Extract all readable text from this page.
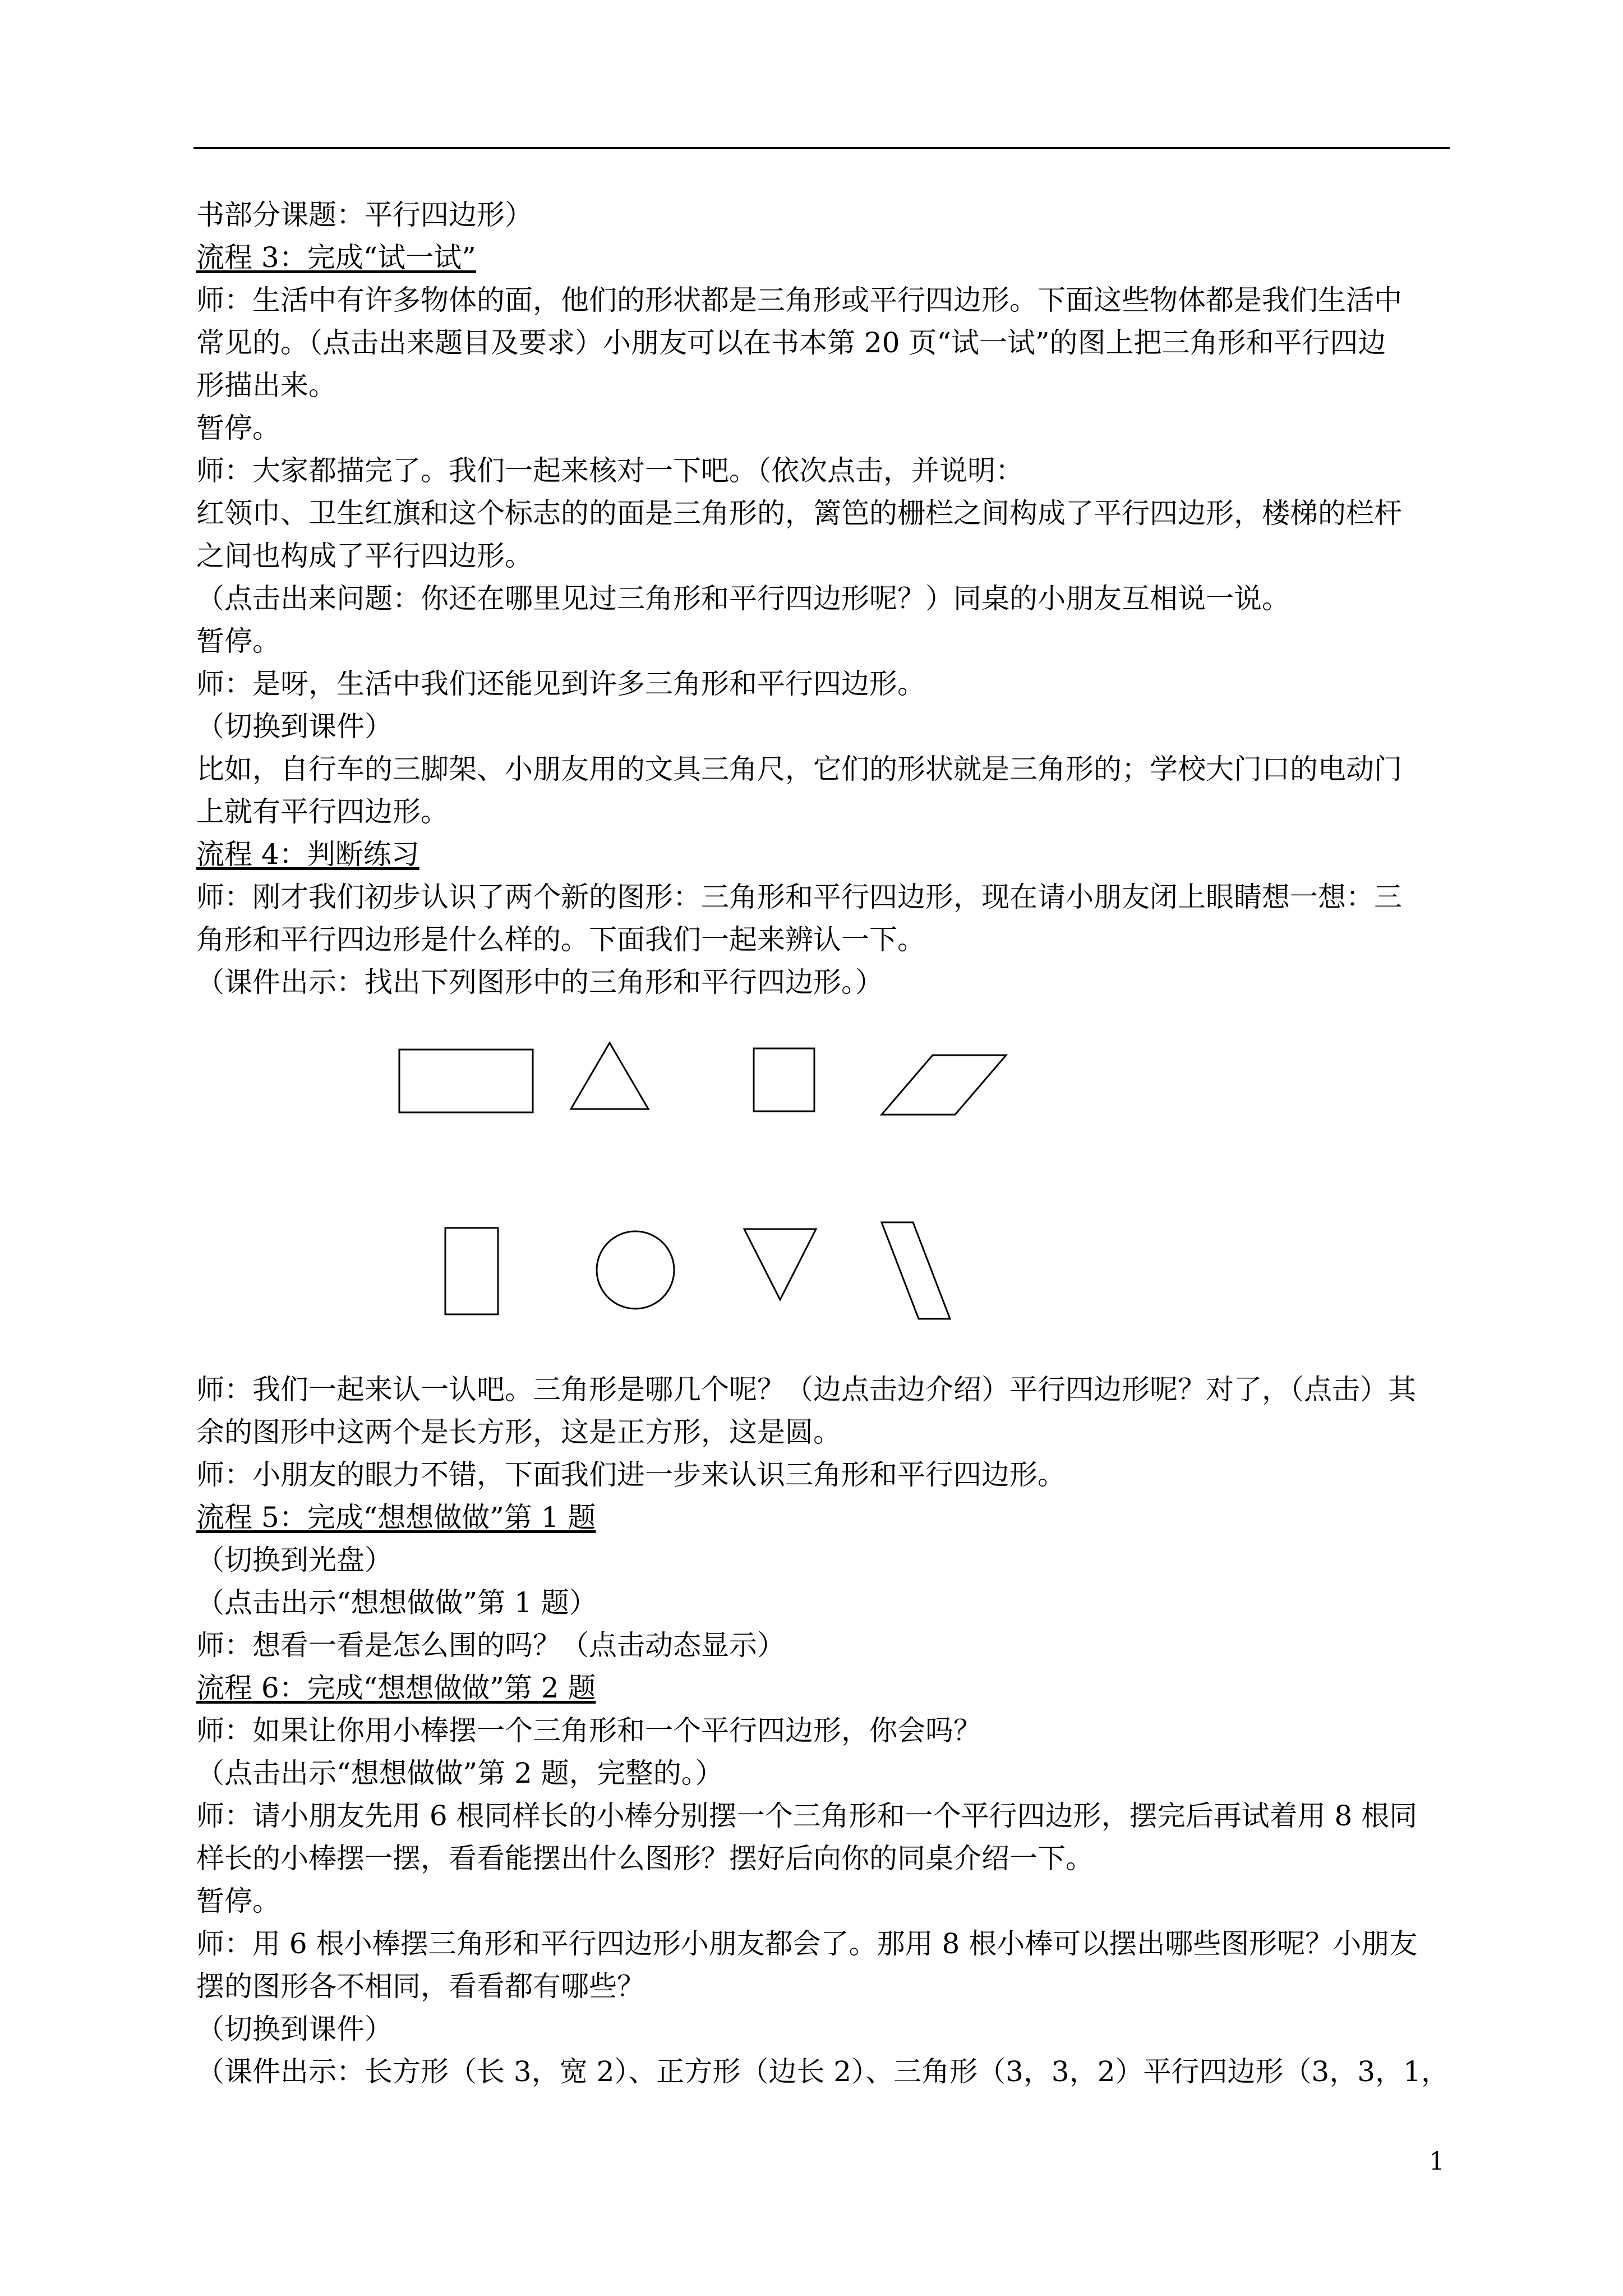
书部分课题：平行四边形）

流程 3：完成“试一试”

师：生活中有许多物体的面，他们的形状都是三角形或平行四边形。下面这些物体都是我们生活中

常见的。（点击出来题目及要求）小朋友可以在书本第 20 页“试一试”的图上把三角形和平行四边

形描出来。

暂停。

师：大家都描完了。我们一起来核对一下吧。（依次点击，并说明：

红领巾、卫生红旗和这个标志的的面是三角形的，篱笆的栅栏之间构成了平行四边形，楼梯的栏杆

之间也构成了平行四边形。

（点击出来问题：你还在哪里见过三角形和平行四边形呢？）同桌的小朋友互相说一说。

暂停。

师：是呀，生活中我们还能见到许多三角形和平行四边形。

（切换到课件）

比如，自行车的三脚架、小朋友用的文具三角尺，它们的形状就是三角形的；学校大门口的电动门

上就有平行四边形。

流程 4：判断练习

师：刚才我们初步认识了两个新的图形：三角形和平行四边形，现在请小朋友闭上眼睛想一想：三

角形和平行四边形是什么样的。下面我们一起来辨认一下。

（课件出示：找出下列图形中的三角形和平行四边形。）

师：我们一起来认一认吧。三角形是哪几个呢？（边点击边介绍）平行四边形呢？对了，（点击）其

余的图形中这两个是长方形，这是正方形，这是圆。

师：小朋友的眼力不错，下面我们进一步来认识三角形和平行四边形。

流程 5：完成“想想做做”第 1 题

（切换到光盘）

（点击出示“想想做做”第 1 题）

师：想看一看是怎么围的吗？（点击动态显示）

流程 6：完成“想想做做”第 2 题

师：如果让你用小棒摆一个三角形和一个平行四边形，你会吗？

（点击出示“想想做做”第 2 题，完整的。）

师：请小朋友先用 6 根同样长的小棒分别摆一个三角形和一个平行四边形，摆完后再试着用 8 根同

样长的小棒摆一摆，看看能摆出什么图形？摆好后向你的同桌介绍一下。

暂停。

师：用 6 根小棒摆三角形和平行四边形小朋友都会了。那用 8 根小棒可以摆出哪些图形呢？小朋友

摆的图形各不相同，看看都有哪些？

（切换到课件）

（课件出示：长方形（长 3，宽 2）、正方形（边长 2）、三角形（3，3，2）平行四边形（3，3，1，

1
